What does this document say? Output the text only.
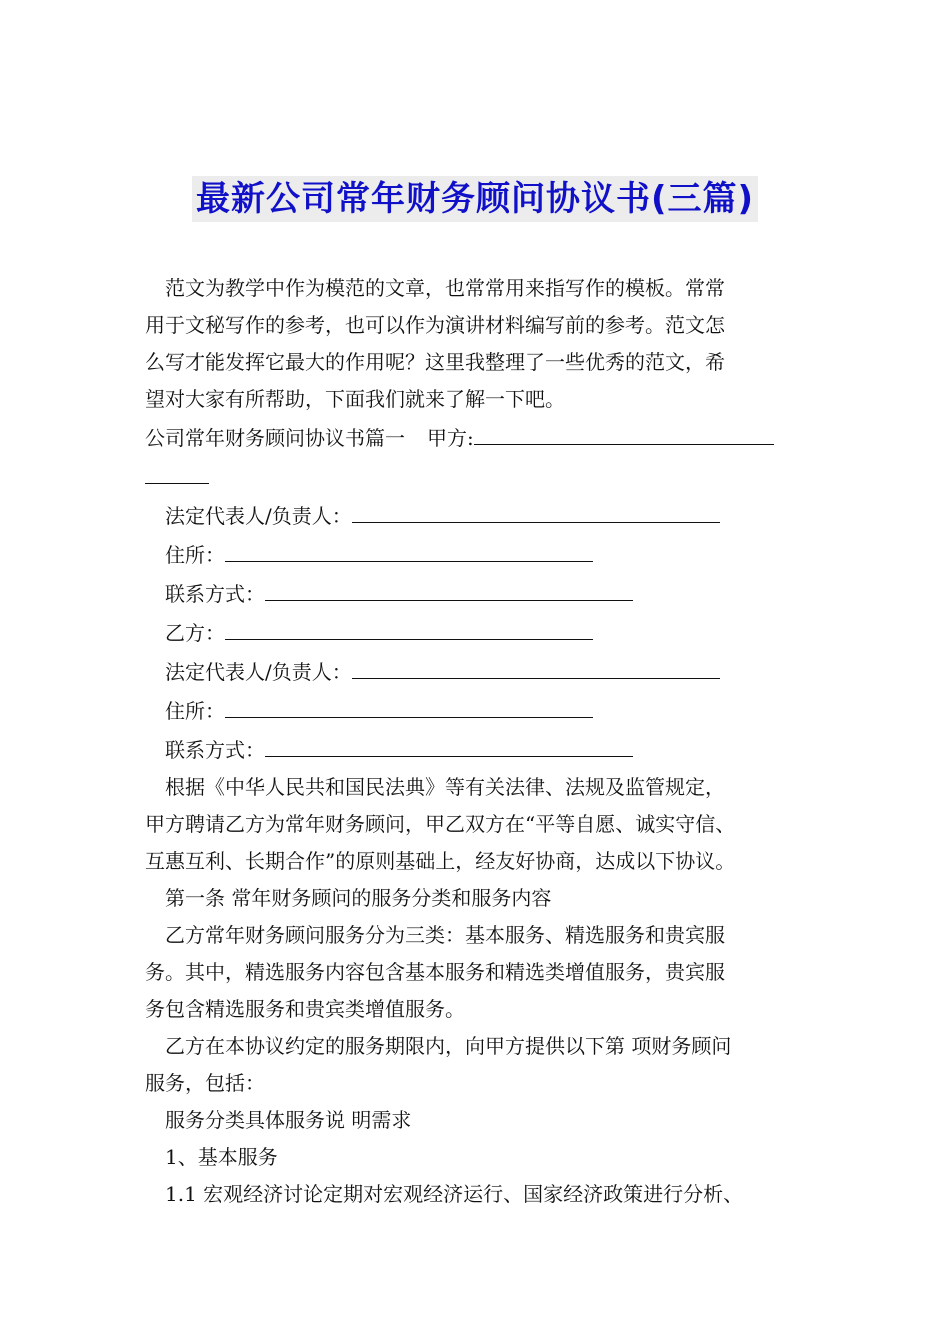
最新公司常年财务顾问协议书(三篇)

范文为教学中作为模范的文章，也常常用来指写作的模板。常常

用于文秘写作的参考，也可以作为演讲材料编写前的参考。范文怎

么写才能发挥它最大的作用呢？这里我整理了一些优秀的范文，希

望对大家有所帮助，下面我们就来了解一下吧。

公司常年财务顾问协议书篇一 甲方:

法定代表人/负责人：

住所：

联系方式：

乙方：

法定代表人/负责人：

住所：

联系方式：

根据《中华人民共和国民法典》等有关法律、法规及监管规定，

甲方聘请乙方为常年财务顾问，甲乙双方在“平等自愿、诚实守信、

互惠互利、长期合作”的原则基础上，经友好协商，达成以下协议。

第一条 常年财务顾问的服务分类和服务内容

乙方常年财务顾问服务分为三类：基本服务、精选服务和贵宾服

务。其中，精选服务内容包含基本服务和精选类增值服务，贵宾服

务包含精选服务和贵宾类增值服务。

乙方在本协议约定的服务期限内，向甲方提供以下第 项财务顾问

服务，包括：

服务分类具体服务说 明需求

1、基本服务

1.1 宏观经济讨论定期对宏观经济运行、国家经济政策进行分析、
